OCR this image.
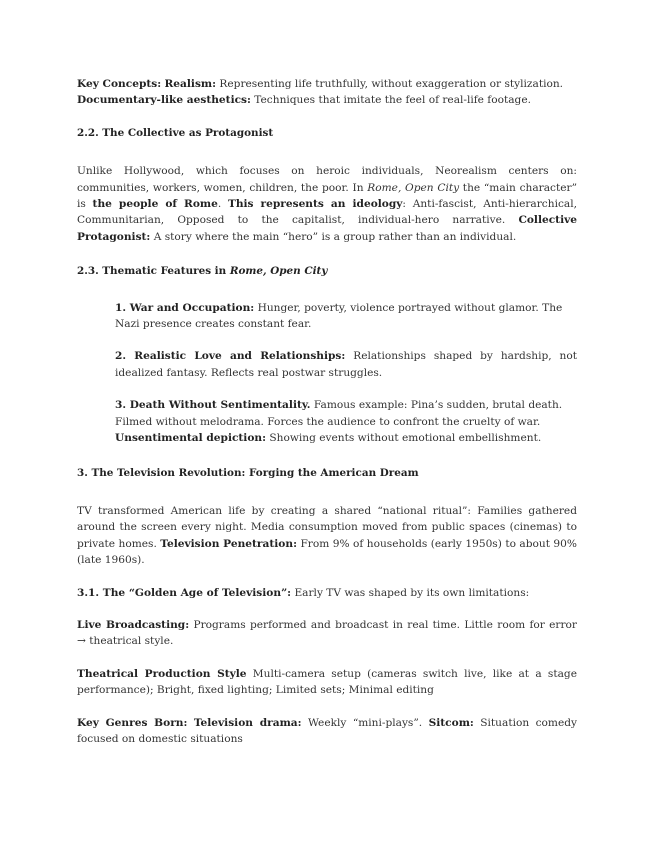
Key Concepts: Realism: Representing life truthfully, without exaggeration or stylization.
Documentary-like aesthetics: Techniques that imitate the feel of real-life footage.

2.2. The Collective as Protagonist

Unlike Hollywood, which focuses on heroic individuals, Neorealism centers on: communities, workers, women, children, the poor. In Rome, Open City the “main character” is the people of Rome. This represents an ideology: Anti-fascist, Anti-hierarchical, Communitarian, Opposed to the capitalist, individual-hero narrative. Collective Protagonist: A story where the main “hero” is a group rather than an individual.

2.3. Thematic Features in Rome, Open City

1. War and Occupation: Hunger, poverty, violence portrayed without glamor. The Nazi presence creates constant fear.

2. Realistic Love and Relationships: Relationships shaped by hardship, not idealized fantasy. Reflects real postwar struggles.

3. Death Without Sentimentality. Famous example: Pina’s sudden, brutal death. Filmed without melodrama. Forces the audience to confront the cruelty of war.
Unsentimental depiction: Showing events without emotional embellishment.

3. The Television Revolution: Forging the American Dream

TV transformed American life by creating a shared “national ritual”: Families gathered around the screen every night. Media consumption moved from public spaces (cinemas) to private homes. Television Penetration: From 9% of households (early 1950s) to about 90% (late 1960s).

3.1. The “Golden Age of Television”: Early TV was shaped by its own limitations:

Live Broadcasting: Programs performed and broadcast in real time. Little room for error → theatrical style.

Theatrical Production Style Multi-camera setup (cameras switch live, like at a stage performance); Bright, fixed lighting; Limited sets; Minimal editing

Key Genres Born: Television drama: Weekly “mini-plays”. Sitcom: Situation comedy focused on domestic situations
